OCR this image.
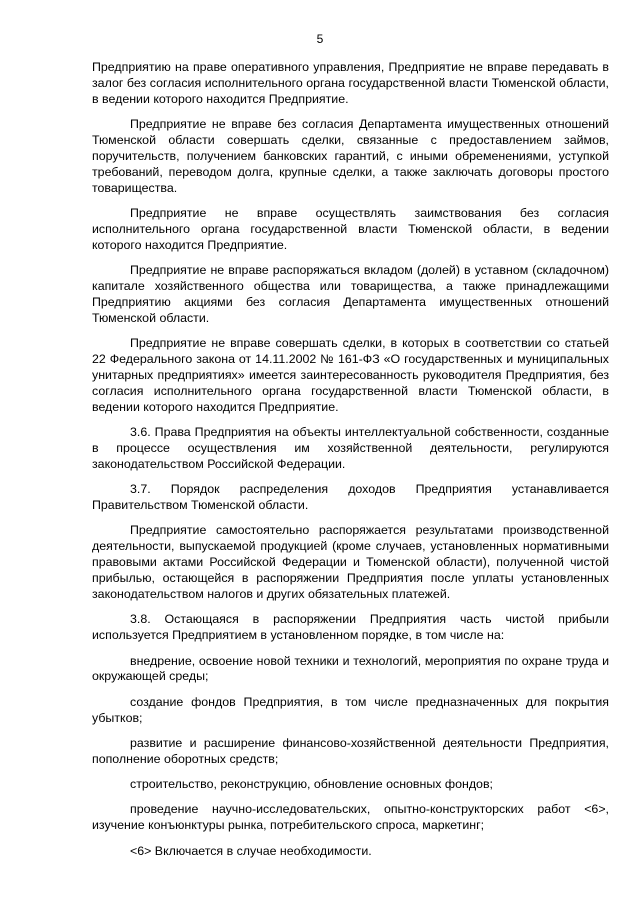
5

Предприятию на праве оперативного управления, Предприятие не вправе передавать в залог без согласия исполнительного органа государственной власти Тюменской области, в ведении которого находится Предприятие.

Предприятие не вправе без согласия Департамента имущественных отношений Тюменской области совершать сделки, связанные с предоставлением займов, поручительств, получением банковских гарантий, с иными обременениями, уступкой требований, переводом долга, крупные сделки, а также заключать договоры простого товарищества.

Предприятие не вправе осуществлять заимствования без согласия исполнительного органа государственной власти Тюменской области, в ведении которого находится Предприятие.

Предприятие не вправе распоряжаться вкладом (долей) в уставном (складочном) капитале хозяйственного общества или товарищества, а также принадлежащими Предприятию акциями без согласия Департамента имущественных отношений Тюменской области.

Предприятие не вправе совершать сделки, в которых в соответствии со статьей 22 Федерального закона от 14.11.2002 № 161-ФЗ «О государственных и муниципальных унитарных предприятиях» имеется заинтересованность руководителя Предприятия, без согласия исполнительного органа государственной власти Тюменской области, в ведении которого находится Предприятие.

3.6. Права Предприятия на объекты интеллектуальной собственности, созданные в процессе осуществления им хозяйственной деятельности, регулируются законодательством Российской Федерации.

3.7. Порядок распределения доходов Предприятия устанавливается Правительством Тюменской области.

Предприятие самостоятельно распоряжается результатами производственной деятельности, выпускаемой продукцией (кроме случаев, установленных нормативными правовыми актами Российской Федерации и Тюменской области), полученной чистой прибылью, остающейся в распоряжении Предприятия после уплаты установленных законодательством налогов и других обязательных платежей.

3.8. Остающаяся в распоряжении Предприятия часть чистой прибыли используется Предприятием в установленном порядке, в том числе на:

внедрение, освоение новой техники и технологий, мероприятия по охране труда и окружающей среды;

создание фондов Предприятия, в том числе предназначенных для покрытия убытков;

развитие и расширение финансово-хозяйственной деятельности Предприятия, пополнение оборотных средств;

строительство, реконструкцию, обновление основных фондов;

проведение научно-исследовательских, опытно-конструкторских работ <6>, изучение конъюнктуры рынка, потребительского спроса, маркетинг;

<6> Включается в случае необходимости.
